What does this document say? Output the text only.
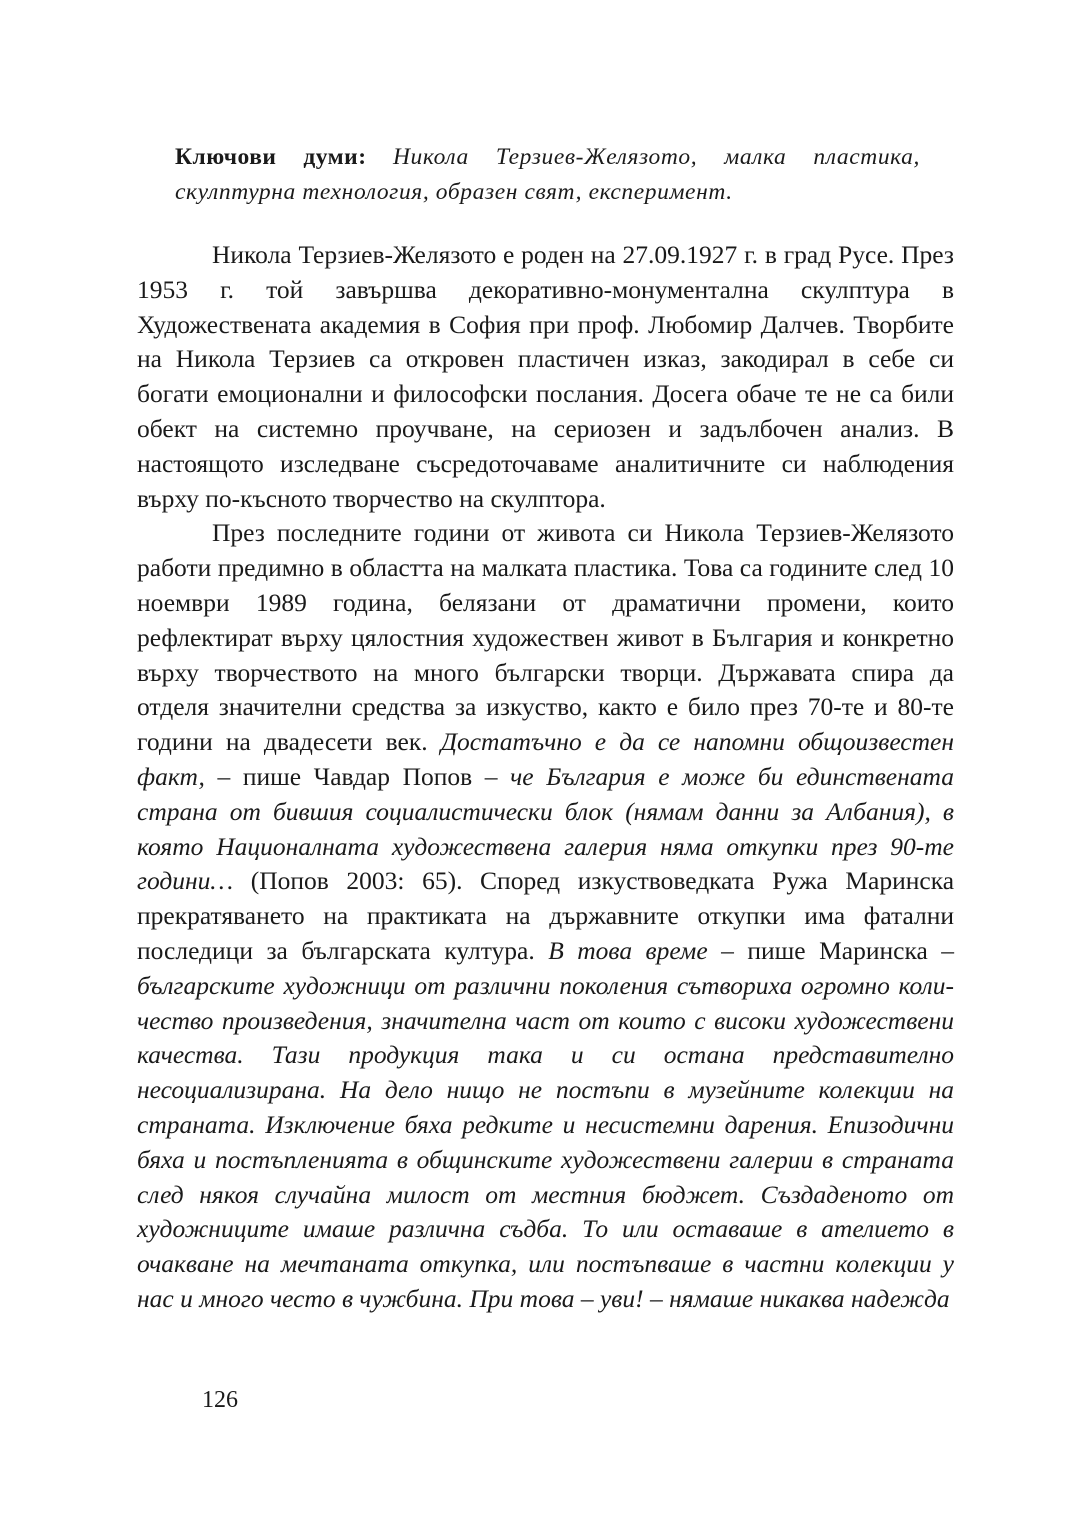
Ключови думи: Никола Терзиев-Желязото, малка пластика, скулптурна технология, образен свят, експеримент.

Никола Терзиев-Желязото е роден на 27.09.1927 г. в град Русе. През 1953 г. той завършва декоративно-монументална скулптура в Художествената академия в София при проф. Любомир Далчев. Творбите на Никола Терзиев са откровен пластичен изказ, закодирал в себе си богати емоционални и философски послания. Досега обаче те не са били обект на системно проучване, на сериозен и задълбочен анализ. В настоящото изследване съсредоточаваме аналитичните си наблюдения върху по-късното творчество на скулптора.

През последните години от живота си Никола Терзиев-Желязото работи предимно в областта на малката пластика. Това са годините след 10 ноември 1989 година, белязани от драматични промени, които рефлектират върху цялостния художествен живот в България и конкретно върху творчеството на много български творци. Държавата спира да отделя значителни средства за изкуство, както е било през 70-те и 80-те години на двадесети век. Достатъчно е да се напомни общоизвестен факт, – пише Чавдар Попов – че България е може би единствената страна от бившия социалистически блок (нямам данни за Албания), в която Националната художествена галерия няма откупки през 90-те години… (Попов 2003: 65). Според изкуствоведката Ружа Маринска прекратяването на практиката на държавните откупки има фатални последици за българската култура. В това време – пише Маринска – българските художници от различни поколения сътвориха огромно количество произведения, значителна част от които с високи художествени качества. Тази продукция така и си остана представително несоциализирана. На дело нищо не постъпи в музейните колекции на страната. Изключение бяха редките и несистемни дарения. Епизодични бяха и постъпленията в общинските художествени галерии в страната след някоя случайна милост от местния бюджет. Създаденото от художниците имаше различна съдба. То или оставаше в ателието в очакване на мечтаната откупка, или постъпваше в частни колекции у нас и много често в чужбина. При това – уви! – нямаше никаква надежда

126
